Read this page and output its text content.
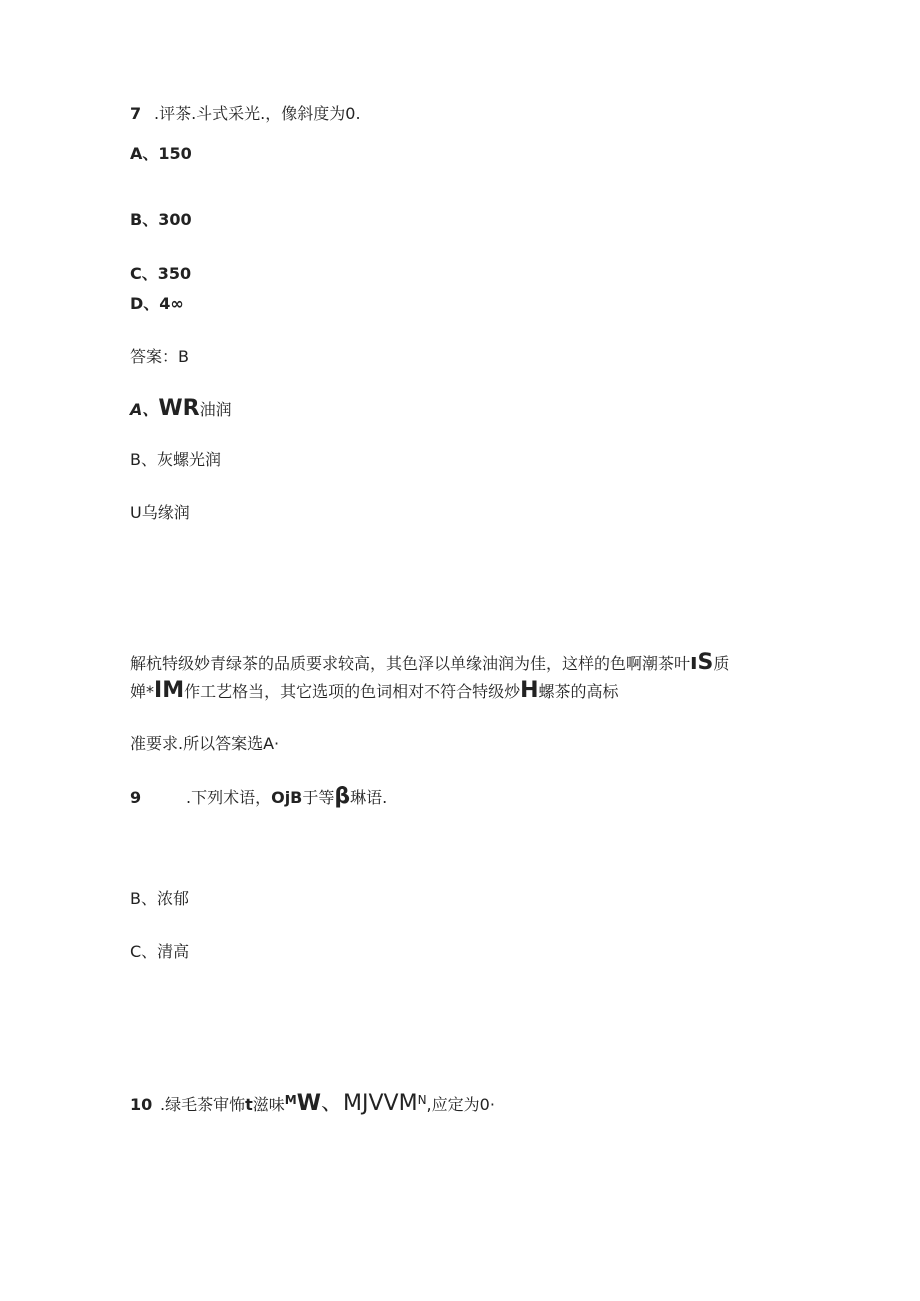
7 .评茶.斗式采光.，像斜度为0.
A、150
B、300
C、350
D、4∞
答案：B
A、WR油润
B、灰螺光润
U乌缘润
解杭特级妙青绿茶的品质要求较高，其色泽以单缘油润为佳，这样的色啊潮茶叶ıS质
婵*IM作工艺格当，其它选项的色词相对不符合特级炒H螺茶的高标
准要求.所以答案选A·
9	.下列术语，OjB于等β琳语.
B、浓郁
C、清高
10 .绿毛茶审怖t滋味$^M$W、$MJVVM^N$,应定为0·
